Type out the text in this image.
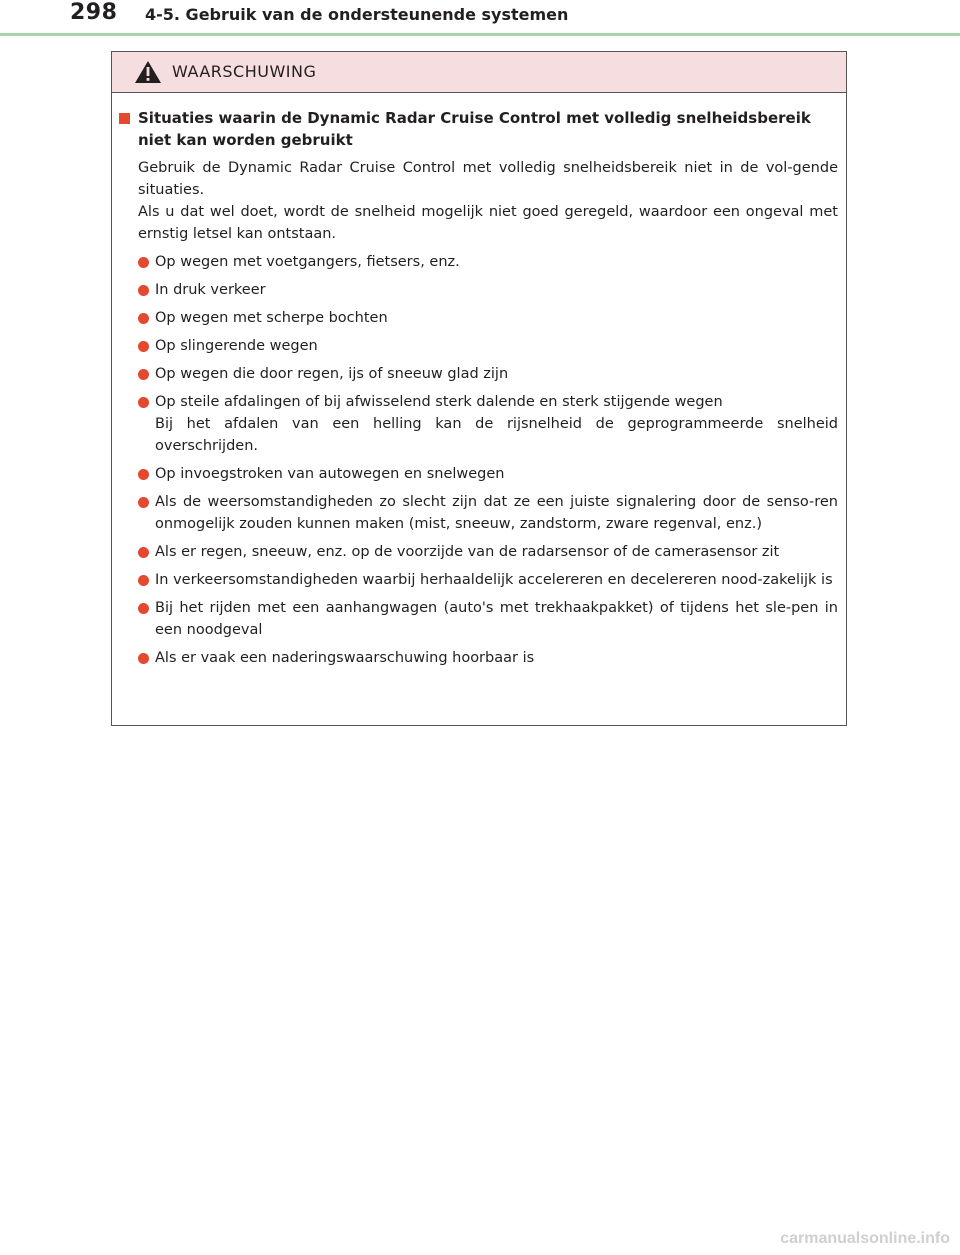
298 4-5. Gebruik van de ondersteunende systemen
WAARSCHUWING
Situaties waarin de Dynamic Radar Cruise Control met volledig snelheidsbereik niet kan worden gebruikt

Gebruik de Dynamic Radar Cruise Control met volledig snelheidsbereik niet in de vol-gende situaties.

Als u dat wel doet, wordt de snelheid mogelijk niet goed geregeld, waardoor een ongeval met ernstig letsel kan ontstaan.

Op wegen met voetgangers, fietsers, enz.
In druk verkeer
Op wegen met scherpe bochten
Op slingerende wegen
Op wegen die door regen, ijs of sneeuw glad zijn
Op steile afdalingen of bij afwisselend sterk dalende en sterk stijgende wegen
Bij het afdalen van een helling kan de rijsnelheid de geprogrammeerde snelheid overschrijden.
Op invoegstroken van autowegen en snelwegen
Als de weersomstandigheden zo slecht zijn dat ze een juiste signalering door de senso-ren onmogelijk zouden kunnen maken (mist, sneeuw, zandstorm, zware regenval, enz.)
Als er regen, sneeuw, enz. op de voorzijde van de radarsensor of de camerasensor zit
In verkeersomstandigheden waarbij herhaaldelijk accelereren en decelereren nood-zakelijk is
Bij het rijden met een aanhangwagen (auto's met trekhaakpakket) of tijdens het sle-pen in een noodgeval
Als er vaak een naderingswaarschuwing hoorbaar is
carmanualsonline.info
